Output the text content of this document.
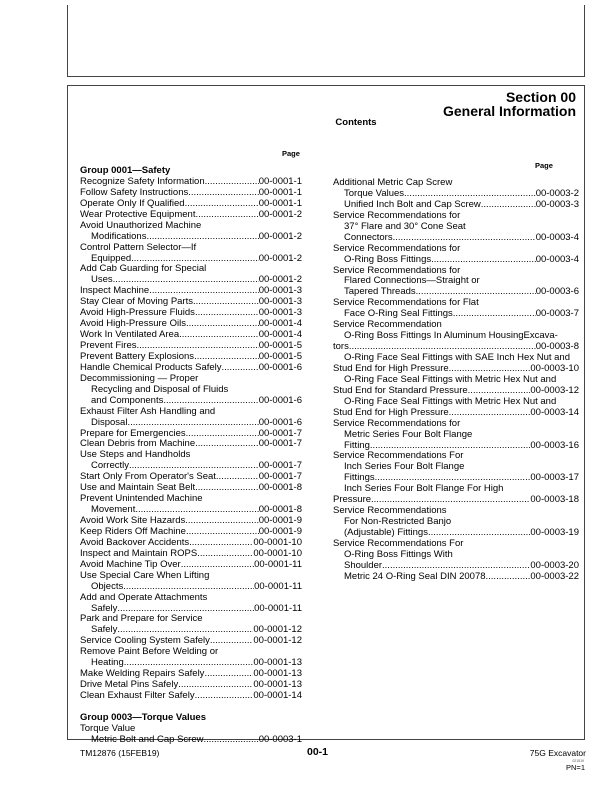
Section 00
General Information
Contents
Page
Page
Group 0001—Safety
Recognize Safety Information .....	00-0001-1
Follow Safety Instructions .....	00-0001-1
Operate Only If Qualified .....	00-0001-1
Wear Protective Equipment .....	00-0001-2
Avoid Unauthorized Machine
Modifications .....	00-0001-2
Control Pattern Selector—If
Equipped .....	00-0001-2
Add Cab Guarding for Special
Uses .....	00-0001-2
Inspect Machine .....	00-0001-3
Stay Clear of Moving Parts .....	00-0001-3
Avoid High-Pressure Fluids .....	00-0001-3
Avoid High-Pressure Oils .....	00-0001-4
Work In Ventilated Area .....	00-0001-4
Prevent Fires .....	00-0001-5
Prevent Battery Explosions .....	00-0001-5
Handle Chemical Products Safely .....	00-0001-6
Decommissioning — Proper
Recycling and Disposal of Fluids
and Components .....	00-0001-6
Exhaust Filter Ash Handling and
Disposal .....	00-0001-6
Prepare for Emergencies .....	00-0001-7
Clean Debris from Machine .....	00-0001-7
Use Steps and Handholds
Correctly .....	00-0001-7
Start Only From Operator's Seat .....	00-0001-7
Use and Maintain Seat Belt .....	00-0001-8
Prevent Unintended Machine
Movement .....	00-0001-8
Avoid Work Site Hazards .....	00-0001-9
Keep Riders Off Machine .....	00-0001-9
Avoid Backover Accidents .....	00-0001-10
Inspect and Maintain ROPS .....	00-0001-10
Avoid Machine Tip Over .....	00-0001-11
Use Special Care When Lifting
Objects .....	00-0001-11
Add and Operate Attachments
Safely .....	00-0001-11
Park and Prepare for Service
Safely .....	00-0001-12
Service Cooling System Safely .....	00-0001-12
Remove Paint Before Welding or
Heating .....	00-0001-13
Make Welding Repairs Safely .....	00-0001-13
Drive Metal Pins Safely .....	00-0001-13
Clean Exhaust Filter Safely .....	00-0001-14
Group 0003—Torque Values
Torque Value
Metric Bolt and Cap Screw .....	00-0003-1
Additional Metric Cap Screw
Torque Values .....	00-0003-2
Unified Inch Bolt and Cap Screw .....	00-0003-3
Service Recommendations for
37° Flare and 30° Cone Seat
Connectors .....	00-0003-4
Service Recommendations for
O-Ring Boss Fittings .....	00-0003-4
Service Recommendations for
Flared Connections—Straight or
Tapered Threads .....	00-0003-6
Service Recommendations for Flat
Face O-Ring Seal Fittings .....	00-0003-7
Service Recommendation
O-Ring Boss Fittings In Aluminum HousingExcava-
tors .....	00-0003-8
O-Ring Face Seal Fittings with SAE Inch Hex Nut and
Stud End for High Pressure .....	00-0003-10
O-Ring Face Seal Fittings with Metric Hex Nut and
Stud End for Standard Pressure .....	00-0003-12
O-Ring Face Seal Fittings with Metric Hex Nut and
Stud End for High Pressure .....	00-0003-14
Service Recommendations for
Metric Series Four Bolt Flange
Fitting .....	00-0003-16
Service Recommendations For
Inch Series Four Bolt Flange
Fittings .....	00-0003-17
Inch Series Four Bolt Flange For High
Pressure .....	00-0003-18
Service Recommendations
For Non-Restricted Banjo
(Adjustable) Fittings .....	00-0003-19
Service Recommendations For
O-Ring Boss Fittings With
Shoulder .....	00-0003-20
Metric 24 O-Ring Seal DIN 20078 .....	00-0003-22
TM12876 (15FEB19)	00-1	75G Excavator
021519
PN=1
